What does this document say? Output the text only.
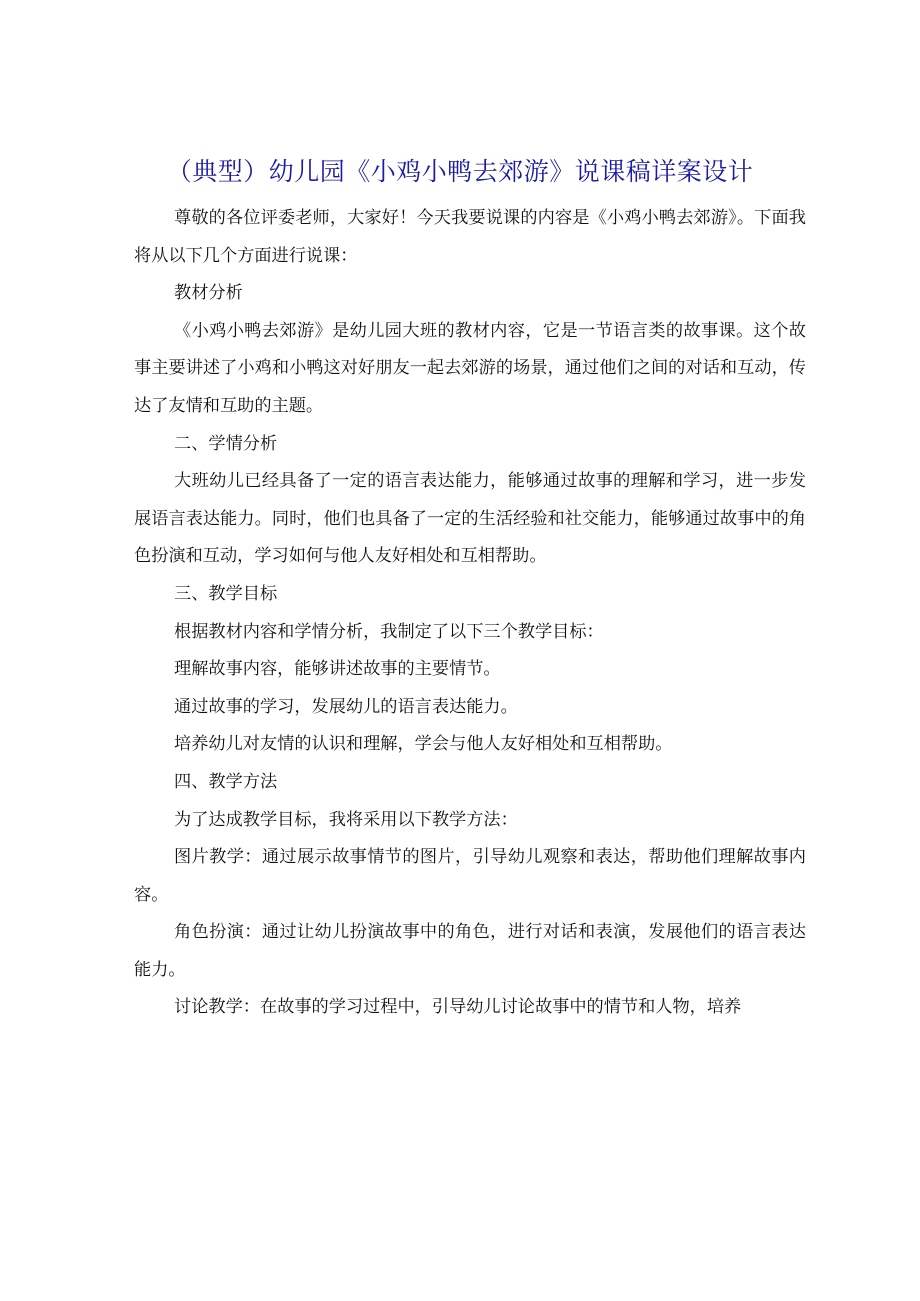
（典型）幼儿园《小鸡小鸭去郊游》说课稿详案设计

尊敬的各位评委老师，大家好！今天我要说课的内容是《小鸡小鸭去郊游》。下面我将从以下几个方面进行说课：

教材分析

《小鸡小鸭去郊游》是幼儿园大班的教材内容，它是一节语言类的故事课。这个故事主要讲述了小鸡和小鸭这对好朋友一起去郊游的场景，通过他们之间的对话和互动，传达了友情和互助的主题。

二、学情分析

大班幼儿已经具备了一定的语言表达能力，能够通过故事的理解和学习，进一步发展语言表达能力。同时，他们也具备了一定的生活经验和社交能力，能够通过故事中的角色扮演和互动，学习如何与他人友好相处和互相帮助。

三、教学目标

根据教材内容和学情分析，我制定了以下三个教学目标：

理解故事内容，能够讲述故事的主要情节。

通过故事的学习，发展幼儿的语言表达能力。

培养幼儿对友情的认识和理解，学会与他人友好相处和互相帮助。

四、教学方法

为了达成教学目标，我将采用以下教学方法：

图片教学：通过展示故事情节的图片，引导幼儿观察和表达，帮助他们理解故事内容。

角色扮演：通过让幼儿扮演故事中的角色，进行对话和表演，发展他们的语言表达能力。

讨论教学：在故事的学习过程中，引导幼儿讨论故事中的情节和人物，培养
